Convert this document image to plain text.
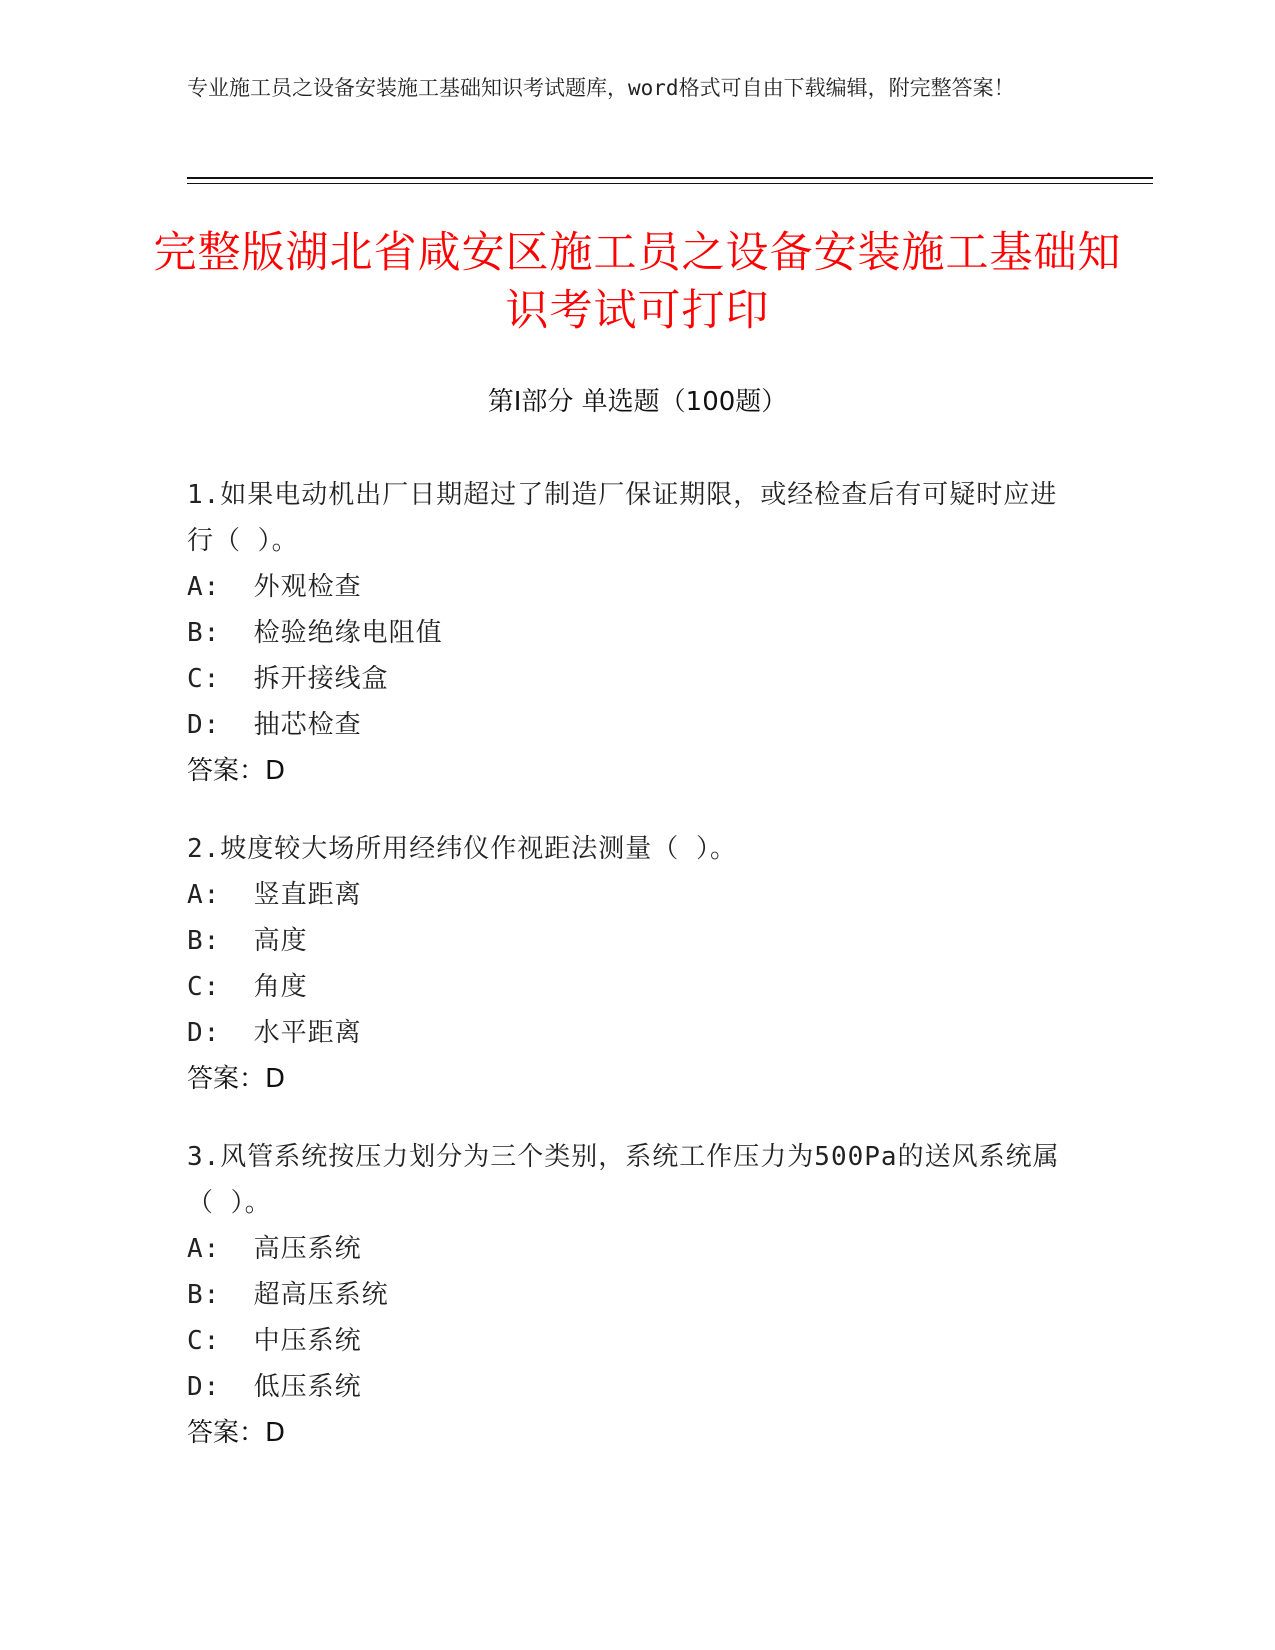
专业施工员之设备安装施工基础知识考试题库，word格式可自由下载编辑，附完整答案！
完整版湖北省咸安区施工员之设备安装施工基础知识考试可打印
第Ⅰ部分 单选题（100题）
1.如果电动机出厂日期超过了制造厂保证期限，或经检查后有可疑时应进行（ ）。
A:  外观检查
B:  检验绝缘电阻值
C:  拆开接线盒
D:  抽芯检查
答案：D
2.坡度较大场所用经纬仪作视距法测量（ ）。
A:  竖直距离
B:  高度
C:  角度
D:  水平距离
答案：D
3.风管系统按压力划分为三个类别，系统工作压力为500Pa的送风系统属（ ）。
A:  高压系统
B:  超高压系统
C:  中压系统
D:  低压系统
答案：D
